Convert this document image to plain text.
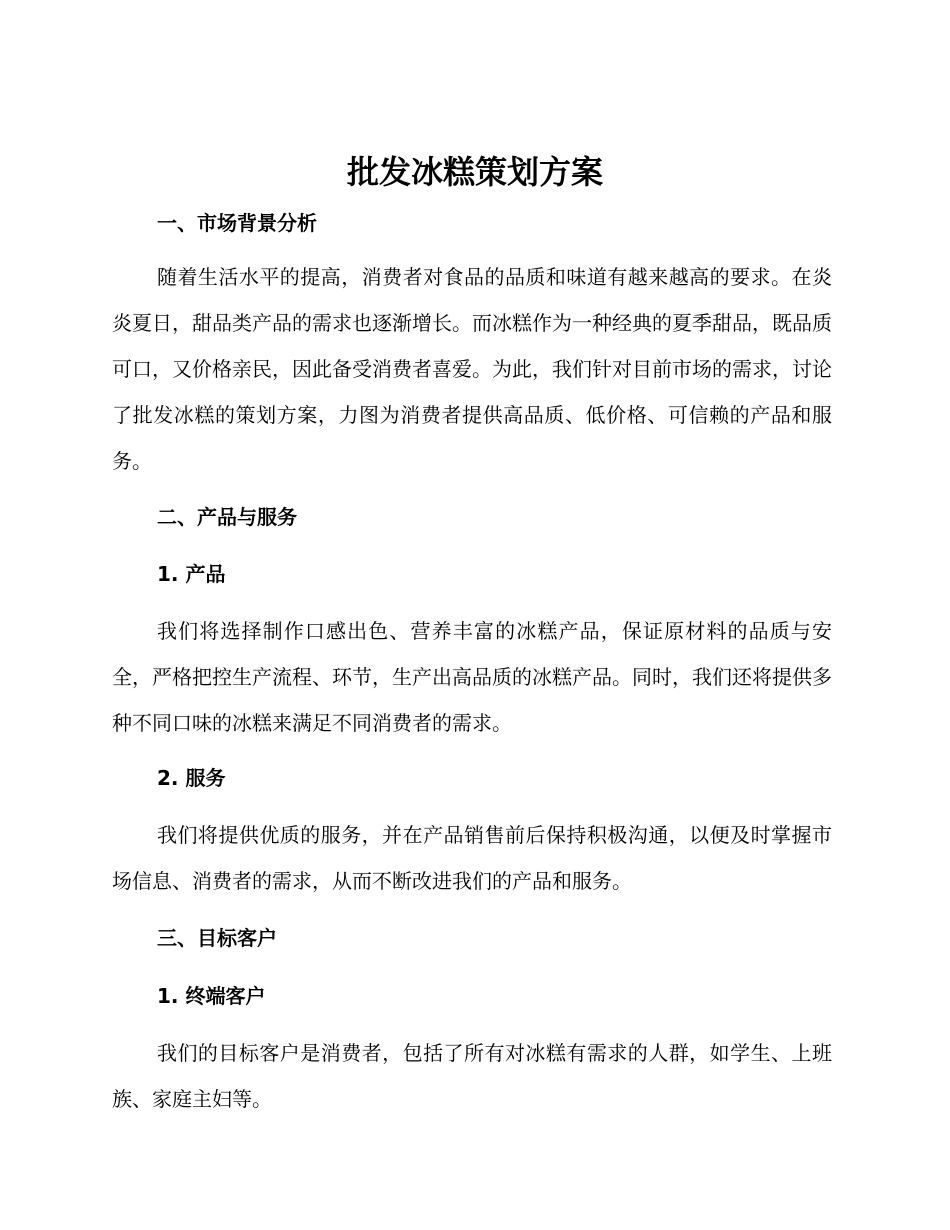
批发冰糕策划方案
一、市场背景分析
随着生活水平的提高，消费者对食品的品质和味道有越来越高的要求。在炎炎夏日，甜品类产品的需求也逐渐增长。而冰糕作为一种经典的夏季甜品，既品质可口，又价格亲民，因此备受消费者喜爱。为此，我们针对目前市场的需求，讨论了批发冰糕的策划方案，力图为消费者提供高品质、低价格、可信赖的产品和服务。
二、产品与服务
1. 产品
我们将选择制作口感出色、营养丰富的冰糕产品，保证原材料的品质与安全，严格把控生产流程、环节，生产出高品质的冰糕产品。同时，我们还将提供多种不同口味的冰糕来满足不同消费者的需求。
2. 服务
我们将提供优质的服务，并在产品销售前后保持积极沟通，以便及时掌握市场信息、消费者的需求，从而不断改进我们的产品和服务。
三、目标客户
1. 终端客户
我们的目标客户是消费者，包括了所有对冰糕有需求的人群，如学生、上班族、家庭主妇等。
